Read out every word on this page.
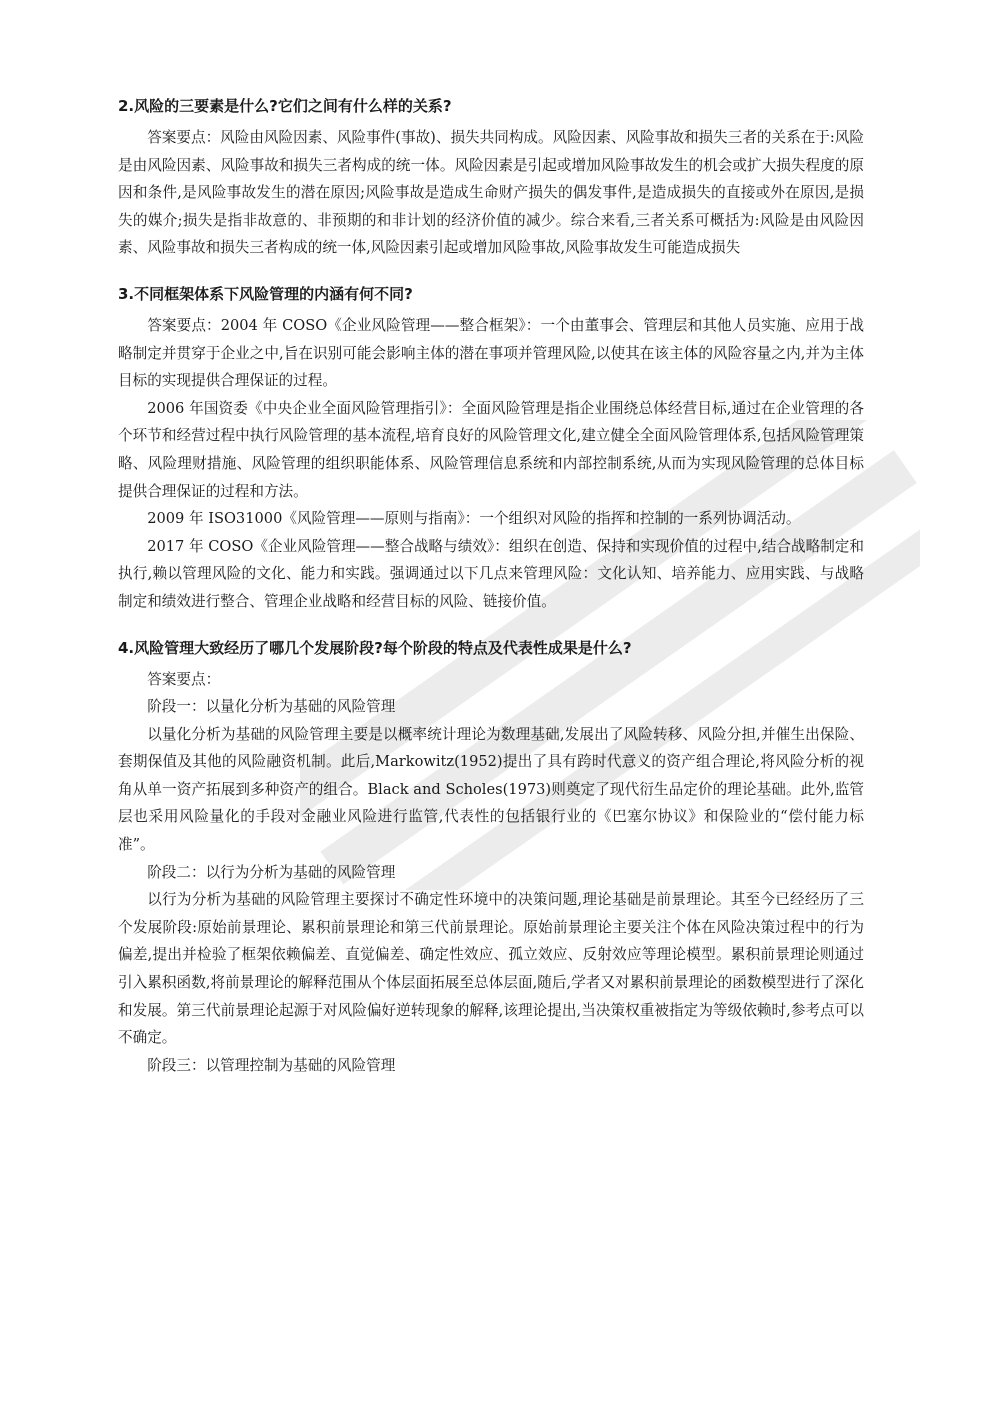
2.风险的三要素是什么?它们之间有什么样的关系?

答案要点：风险由风险因素、风险事件(事故)、损失共同构成。风险因素、风险事故和损失三者的关系在于:风险是由风险因素、风险事故和损失三者构成的统一体。风险因素是引起或增加风险事故发生的机会或扩大损失程度的原因和条件,是风险事故发生的潜在原因;风险事故是造成生命财产损失的偶发事件,是造成损失的直接或外在原因,是损失的媒介;损失是指非故意的、非预期的和非计划的经济价值的减少。综合来看,三者关系可概括为:风险是由风险因素、风险事故和损失三者构成的统一体,风险因素引起或增加风险事故,风险事故发生可能造成损失

3.不同框架体系下风险管理的内涵有何不同?

答案要点：2004 年 COSO《企业风险管理——整合框架》：一个由董事会、管理层和其他人员实施、应用于战略制定并贯穿于企业之中,旨在识别可能会影响主体的潜在事项并管理风险,以使其在该主体的风险容量之内,并为主体目标的实现提供合理保证的过程。

2006 年国资委《中央企业全面风险管理指引》：全面风险管理是指企业围绕总体经营目标,通过在企业管理的各个环节和经营过程中执行风险管理的基本流程,培育良好的风险管理文化,建立健全全面风险管理体系,包括风险管理策略、风险理财措施、风险管理的组织职能体系、风险管理信息系统和内部控制系统,从而为实现风险管理的总体目标提供合理保证的过程和方法。

2009 年 ISO31000《风险管理——原则与指南》：一个组织对风险的指挥和控制的一系列协调活动。

2017 年 COSO《企业风险管理——整合战略与绩效》：组织在创造、保持和实现价值的过程中,结合战略制定和执行,赖以管理风险的文化、能力和实践。强调通过以下几点来管理风险：文化认知、培养能力、应用实践、与战略制定和绩效进行整合、管理企业战略和经营目标的风险、链接价值。

4.风险管理大致经历了哪几个发展阶段?每个阶段的特点及代表性成果是什么?

答案要点：

阶段一：以量化分析为基础的风险管理

以量化分析为基础的风险管理主要是以概率统计理论为数理基础,发展出了风险转移、风险分担,并催生出保险、套期保值及其他的风险融资机制。此后,Markowitz(1952)提出了具有跨时代意义的资产组合理论,将风险分析的视角从单一资产拓展到多种资产的组合。Black and Scholes(1973)则奠定了现代衍生品定价的理论基础。此外,监管层也采用风险量化的手段对金融业风险进行监管,代表性的包括银行业的《巴塞尔协议》和保险业的“偿付能力标准”。

阶段二：以行为分析为基础的风险管理

以行为分析为基础的风险管理主要探讨不确定性环境中的决策问题,理论基础是前景理论。其至今已经经历了三个发展阶段:原始前景理论、累积前景理论和第三代前景理论。原始前景理论主要关注个体在风险决策过程中的行为偏差,提出并检验了框架依赖偏差、直觉偏差、确定性效应、孤立效应、反射效应等理论模型。累积前景理论则通过引入累积函数,将前景理论的解释范围从个体层面拓展至总体层面,随后,学者又对累积前景理论的函数模型进行了深化和发展。第三代前景理论起源于对风险偏好逆转现象的解释,该理论提出,当决策权重被指定为等级依赖时,参考点可以不确定。

阶段三：以管理控制为基础的风险管理
